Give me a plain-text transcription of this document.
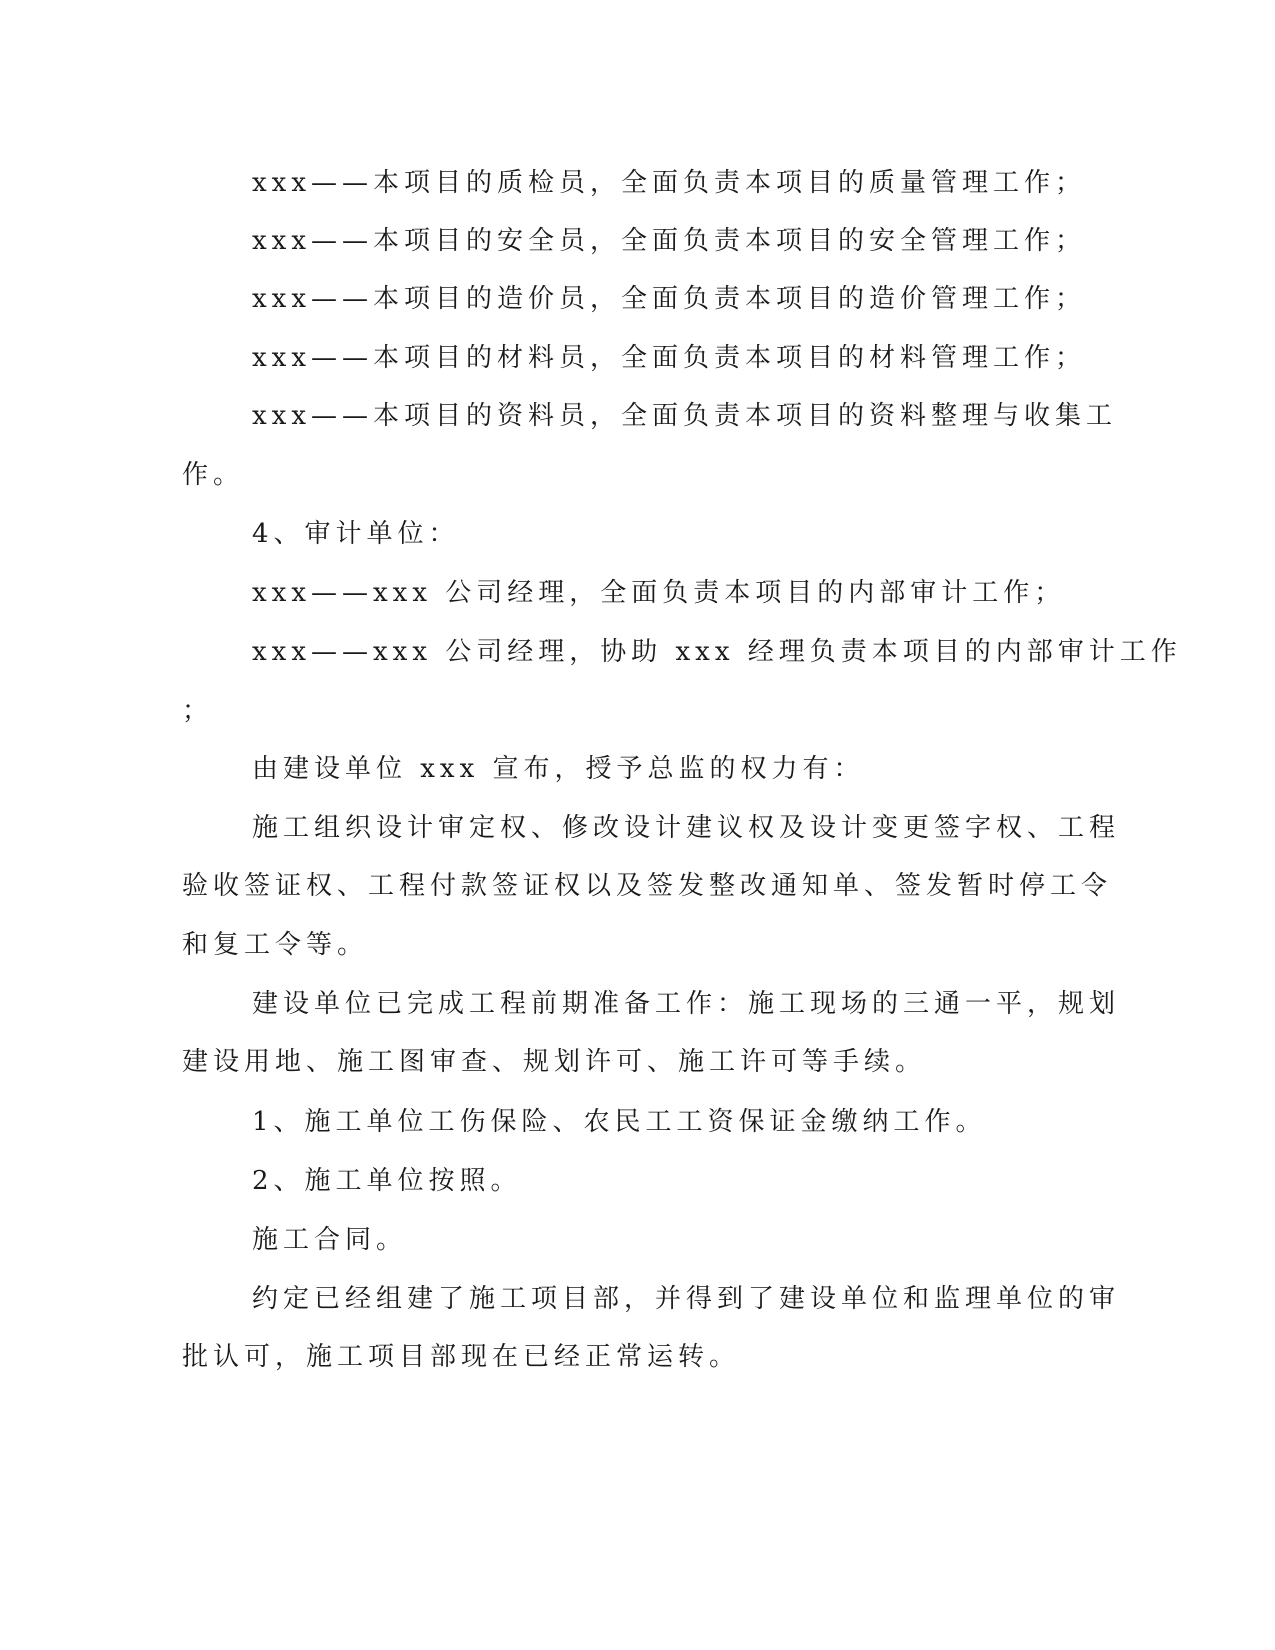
xxx——本项目的质检员，全面负责本项目的质量管理工作；
xxx——本项目的安全员，全面负责本项目的安全管理工作；
xxx——本项目的造价员，全面负责本项目的造价管理工作；
xxx——本项目的材料员，全面负责本项目的材料管理工作；
xxx——本项目的资料员，全面负责本项目的资料整理与收集工
作。
4、审计单位：
xxx——xxx 公司经理，全面负责本项目的内部审计工作；
xxx——xxx 公司经理，协助 xxx 经理负责本项目的内部审计工作
；
由建设单位 xxx 宣布，授予总监的权力有：
施工组织设计审定权、修改设计建议权及设计变更签字权、工程
验收签证权、工程付款签证权以及签发整改通知单、签发暂时停工令
和复工令等。
建设单位已完成工程前期准备工作：施工现场的三通一平，规划
建设用地、施工图审查、规划许可、施工许可等手续。
1、施工单位工伤保险、农民工工资保证金缴纳工作。
2、施工单位按照。
施工合同。
约定已经组建了施工项目部，并得到了建设单位和监理单位的审
批认可，施工项目部现在已经正常运转。
